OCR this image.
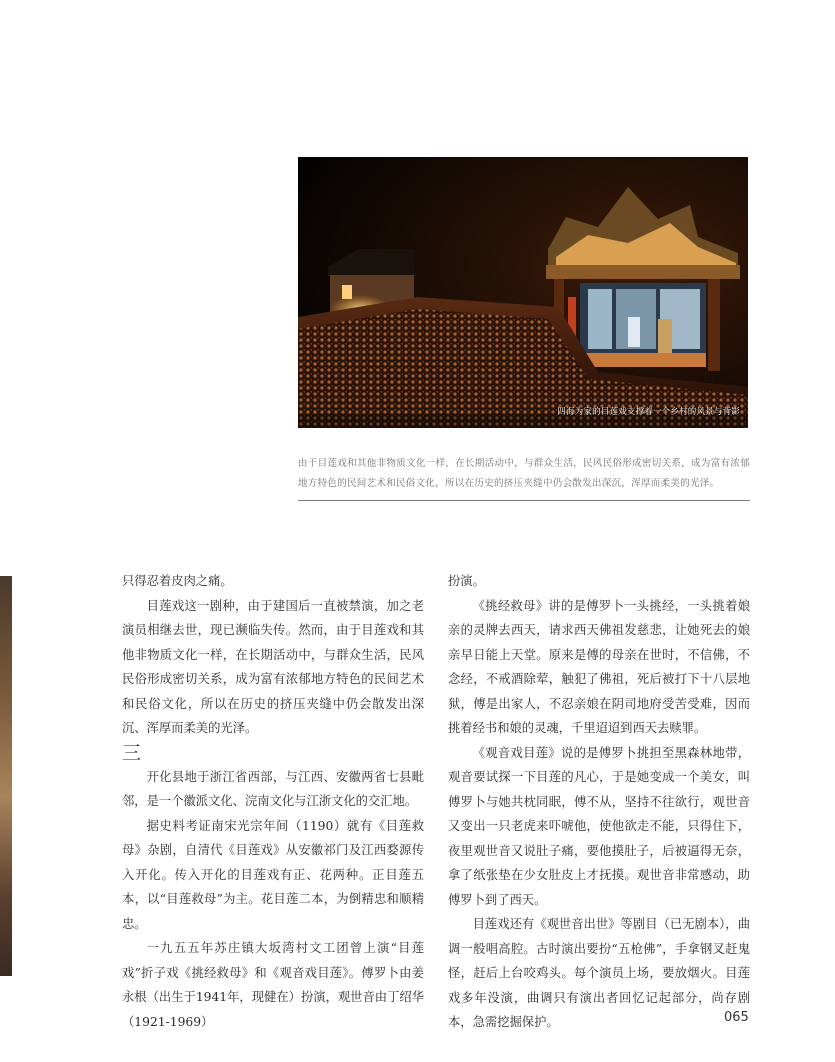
四海为家的目莲戏支撑着一个乡村的风景与背影
由于目莲戏和其他非物质文化一样，在长期活动中，与群众生活，民风民俗形成密切关系，成为富有浓郁地方特色的民间艺术和民俗文化，所以在历史的挤压夹缝中仍会散发出深沉，浑厚而柔美的光泽。

只得忍着皮肉之痛。

目莲戏这一剧种，由于建国后一直被禁演，加之老演员相继去世，现已濒临失传。然而，由于目莲戏和其他非物质文化一样，在长期活动中，与群众生活，民风民俗形成密切关系，成为富有浓郁地方特色的民间艺术和民俗文化，所以在历史的挤压夹缝中仍会散发出深沉、浑厚而柔美的光泽。

三

开化县地于浙江省西部，与江西、安徽两省七县毗邻，是一个徽派文化、浣南文化与江浙文化的交汇地。

据史料考证南宋光宗年间（1190）就有《目莲救母》杂剧，自清代《目莲戏》从安徽祁门及江西婺源传入开化。传入开化的目莲戏有正、花两种。正目莲五本，以“目莲救母”为主。花目莲二本，为倒精忠和顺精忠。

一九五五年苏庄镇大坂湾村文工团曾上演“目莲戏”折子戏《挑经救母》和《观音戏目莲》。傅罗卜由姜永根（出生于1941年，现健在）扮演，观世音由丁绍华（1921-1969）

扮演。

《挑经救母》讲的是傅罗卜一头挑经，一头挑着娘亲的灵牌去西天，请求西天佛祖发慈悲，让她死去的娘亲早日能上天堂。原来是傅的母亲在世时，不信佛，不念经，不戒酒除荤，触犯了佛祖，死后被打下十八层地狱，傅是出家人，不忍亲娘在阴司地府受苦受难，因而挑着经书和娘的灵魂，千里迢迢到西天去赎罪。

《观音戏目莲》说的是傅罗卜挑担至黑森林地带，观音要试探一下目莲的凡心，于是她变成一个美女，叫傅罗卜与她共枕同眠，傅不从，坚持不往欲行，观世音又变出一只老虎来吓唬他，使他欲走不能，只得住下，夜里观世音又说肚子痛，要他摸肚子，后被逼得无奈，拿了纸张垫在少女肚皮上才抚摸。观世音非常感动，助傅罗卜到了西天。

目莲戏还有《观世音出世》等剧目（已无剧本），曲调一般唱高腔。古时演出要扮“五枪佛”，手拿钢叉赶鬼怪，赶后上台咬鸡头。每个演员上场，要放烟火。目莲戏多年没演，曲调只有演出者回忆记起部分，尚存剧本，急需挖掘保护。	065
